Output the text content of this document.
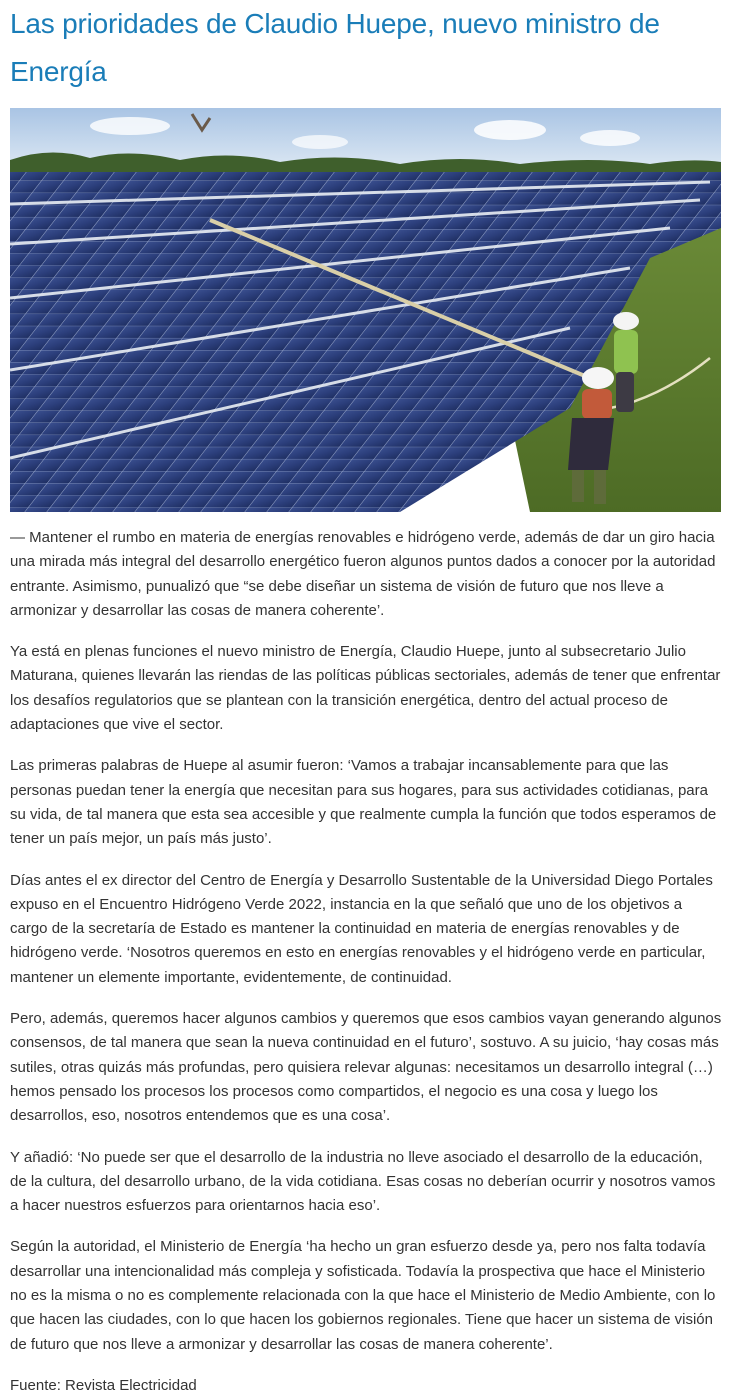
Las prioridades de Claudio Huepe, nuevo ministro de Energía

— Mantener el rumbo en materia de energías renovables e hidrógeno verde, además de dar un giro hacia una mirada más integral del desarrollo energético fueron algunos puntos dados a conocer por la autoridad entrante. Asimismo, punualizó que “se debe diseñar un sistema de visión de futuro que nos lleve a armonizar y desarrollar las cosas de manera coherente’.

Ya está en plenas funciones el nuevo ministro de Energía, Claudio Huepe, junto al subsecretario Julio Maturana, quienes llevarán las riendas de las políticas públicas sectoriales, además de tener que enfrentar los desafíos regulatorios que se plantean con la transición energética, dentro del actual proceso de adaptaciones que vive el sector.

Las primeras palabras de Huepe al asumir fueron: ‘Vamos a trabajar incansablemente para que las personas puedan tener la energía que necesitan para sus hogares, para sus actividades cotidianas, para su vida, de tal manera que esta sea accesible y que realmente cumpla la función que todos esperamos de tener un país mejor, un país más justo’.

Días antes el ex director del Centro de Energía y Desarrollo Sustentable de la Universidad Diego Portales expuso en el Encuentro Hidrógeno Verde 2022, instancia en la que señaló que uno de los objetivos a cargo de la secretaría de Estado es mantener la continuidad en materia de energías renovables y de hidrógeno verde. ‘Nosotros queremos en esto en energías renovables y el hidrógeno verde en particular, mantener un elemente importante, evidentemente, de continuidad.

Pero, además, queremos hacer algunos cambios y queremos que esos cambios vayan generando algunos consensos, de tal manera que sean la nueva continuidad en el futuro’, sostuvo. A su juicio, ‘hay cosas más sutiles, otras quizás más profundas, pero quisiera relevar algunas: necesitamos un desarrollo integral (…) hemos pensado los procesos los procesos como compartidos, el negocio es una cosa y luego los desarrollos, eso, nosotros entendemos que es una cosa’.

Y añadió: ‘No puede ser que el desarrollo de la industria no lleve asociado el desarrollo de la educación, de la cultura, del desarrollo urbano, de la vida cotidiana. Esas cosas no deberían ocurrir y nosotros vamos a hacer nuestros esfuerzos para orientarnos hacia eso’.

Según la autoridad, el Ministerio de Energía ‘ha hecho un gran esfuerzo desde ya, pero nos falta todavía desarrollar una intencionalidad más compleja y sofisticada. Todavía la prospectiva que hace el Ministerio no es la misma o no es complemente relacionada con la que hace el Ministerio de Medio Ambiente, con lo que hacen las ciudades, con lo que hacen los gobiernos regionales. Tiene que hacer un sistema de visión de futuro que nos lleve a armonizar y desarrollar las cosas de manera coherente’.

Fuente: Revista Electricidad
